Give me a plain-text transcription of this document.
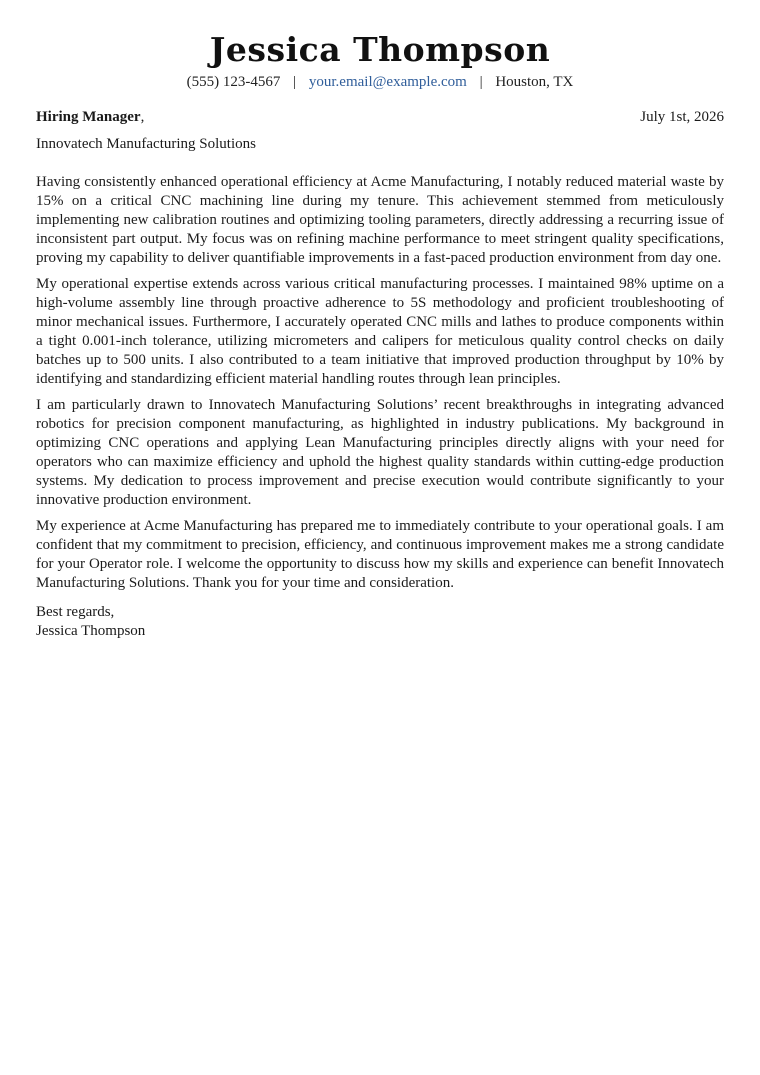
Jessica Thompson
(555) 123-4567 | your.email@example.com | Houston, TX
Hiring Manager,	July 1st, 2026
Innovatech Manufacturing Solutions

Having consistently enhanced operational efficiency at Acme Manufacturing, I notably reduced material waste by 15% on a critical CNC machining line during my tenure. This achievement stemmed from meticulously implementing new calibration routines and optimizing tooling parameters, directly addressing a recurring issue of inconsistent part output. My focus was on refining machine performance to meet stringent quality specifications, proving my capability to deliver quantifiable improvements in a fast-paced production environment from day one.

My operational expertise extends across various critical manufacturing processes. I maintained 98% uptime on a high-volume assembly line through proactive adherence to 5S methodology and proficient troubleshooting of minor mechanical issues. Furthermore, I accurately operated CNC mills and lathes to produce components within a tight 0.001-inch tolerance, utilizing micrometers and calipers for meticulous quality control checks on daily batches up to 500 units. I also contributed to a team initiative that improved production throughput by 10% by identifying and standardizing efficient material handling routes through lean principles.

I am particularly drawn to Innovatech Manufacturing Solutions’ recent breakthroughs in integrating advanced robotics for precision component manufacturing, as highlighted in industry publications. My background in optimizing CNC operations and applying Lean Manufacturing principles directly aligns with your need for operators who can maximize efficiency and uphold the highest quality standards within cutting-edge production systems. My dedication to process improvement and precise execution would contribute significantly to your innovative production environment.

My experience at Acme Manufacturing has prepared me to immediately contribute to your operational goals. I am confident that my commitment to precision, efficiency, and continuous improvement makes me a strong candidate for your Operator role. I welcome the opportunity to discuss how my skills and experience can benefit Innovatech Manufacturing Solutions. Thank you for your time and consideration.

Best regards,
Jessica Thompson
